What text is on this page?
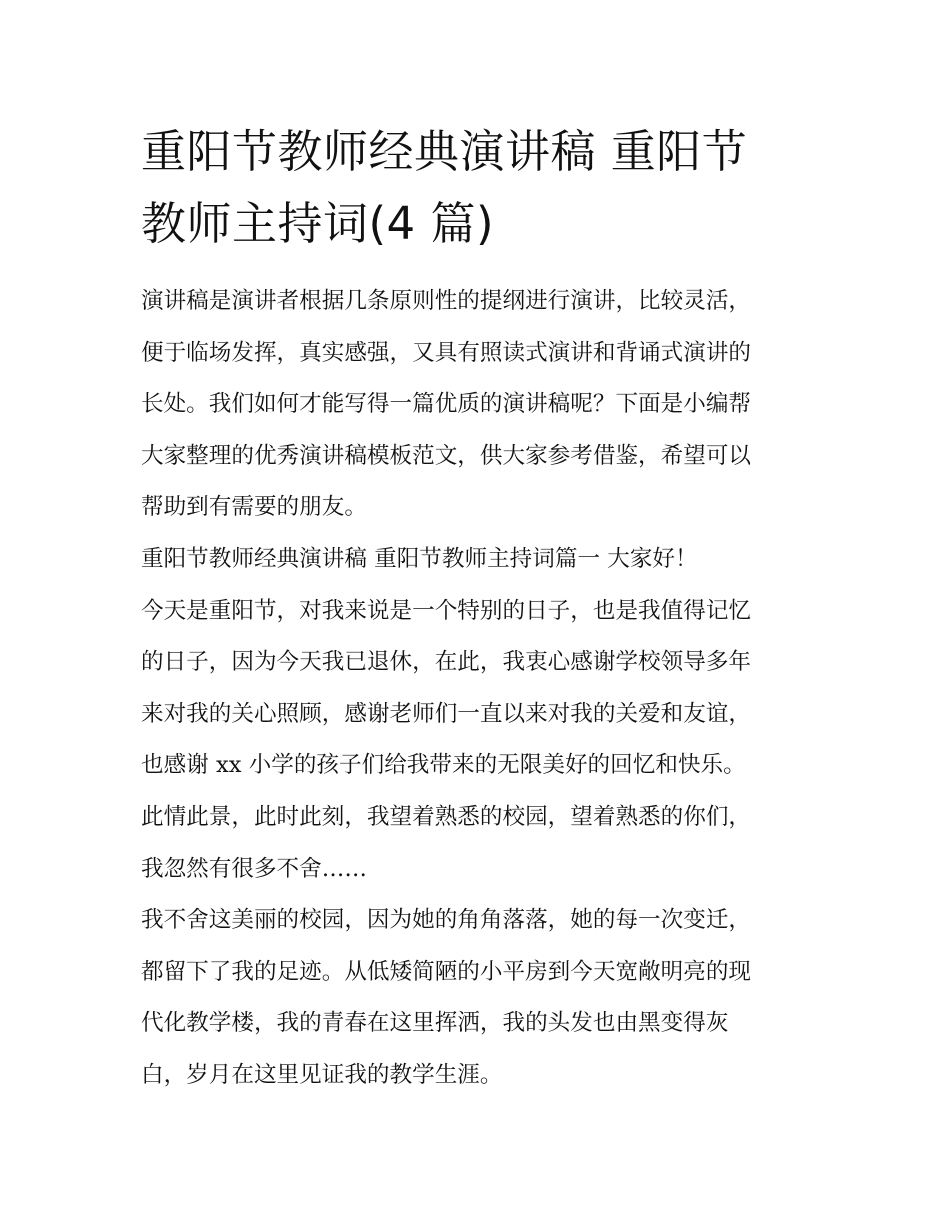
重阳节教师经典演讲稿 重阳节
教师主持词(4 篇)
演讲稿是演讲者根据几条原则性的提纲进行演讲，比较灵活，
便于临场发挥，真实感强，又具有照读式演讲和背诵式演讲的
长处。我们如何才能写得一篇优质的演讲稿呢？下面是小编帮
大家整理的优秀演讲稿模板范文，供大家参考借鉴，希望可以
帮助到有需要的朋友。
重阳节教师经典演讲稿 重阳节教师主持词篇一 大家好！
今天是重阳节，对我来说是一个特别的日子，也是我值得记忆
的日子，因为今天我已退休，在此，我衷心感谢学校领导多年
来对我的关心照顾，感谢老师们一直以来对我的关爱和友谊，
也感谢 xx 小学的孩子们给我带来的无限美好的回忆和快乐。
此情此景，此时此刻，我望着熟悉的校园，望着熟悉的你们，
我忽然有很多不舍……
我不舍这美丽的校园，因为她的角角落落，她的每一次变迁，
都留下了我的足迹。从低矮简陋的小平房到今天宽敞明亮的现
代化教学楼，我的青春在这里挥洒，我的头发也由黑变得灰
白，岁月在这里见证我的教学生涯。
